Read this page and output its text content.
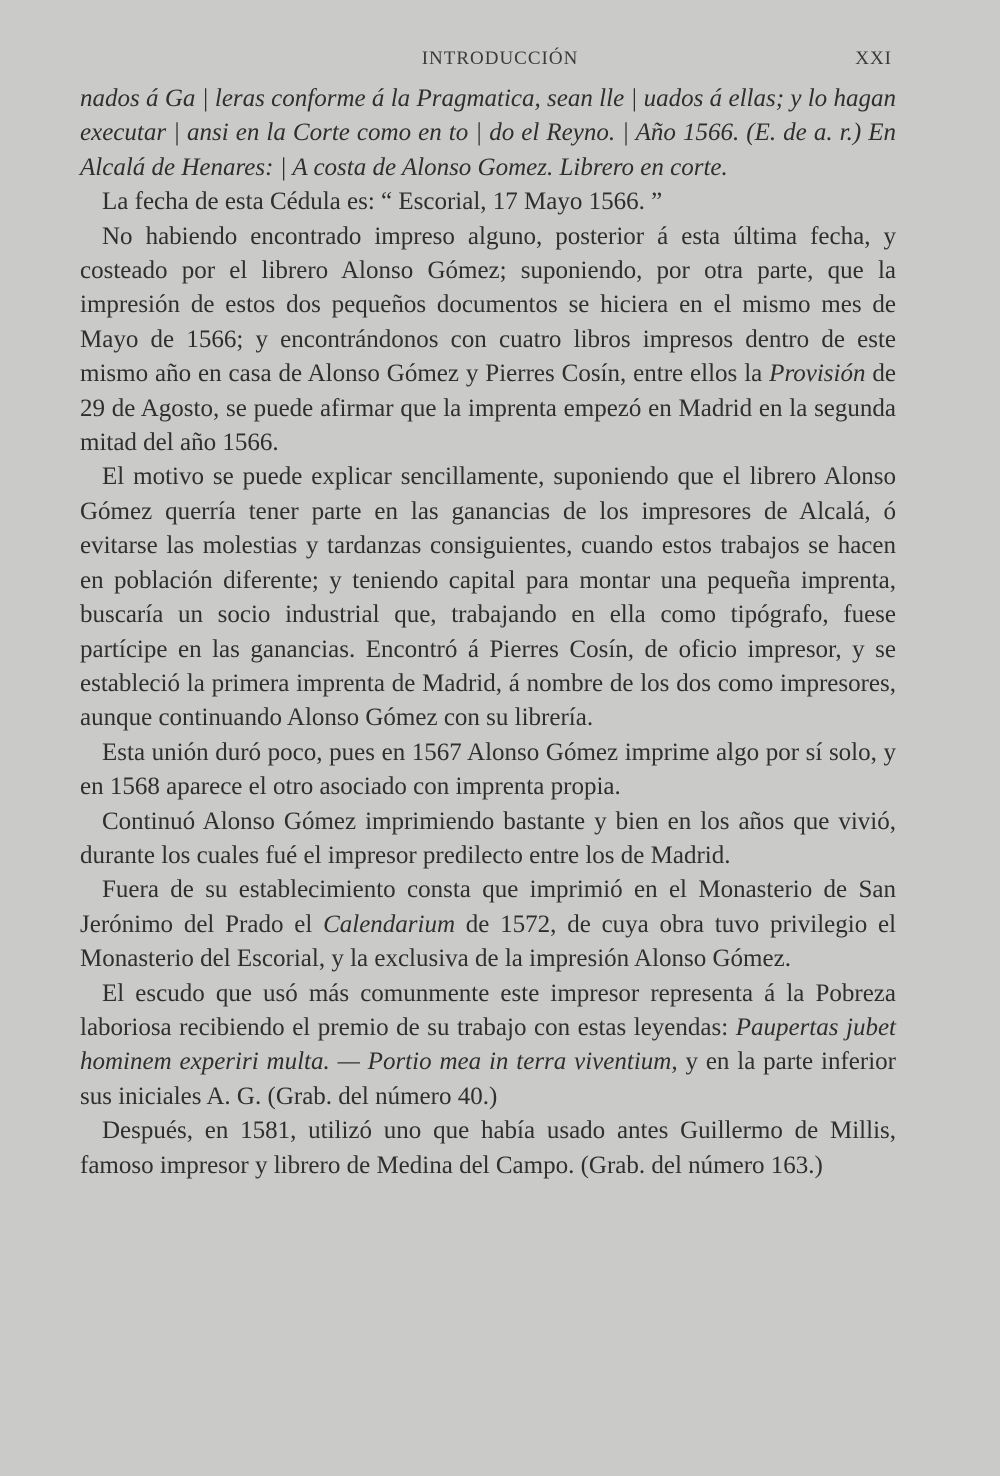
INTRODUCCIÓN	XXI

nados á Ga | leras conforme á la Pragmatica, sean lle | uados á ellas; y lo hagan executar | ansi en la Corte como en to | do el Reyno. | Año 1566. (E. de a. r.) En Alcalá de Henares: | A costa de Alonso Gomez. Librero en corte.

La fecha de esta Cédula es: “ Escorial, 17 Mayo 1566. ”

No habiendo encontrado impreso alguno, posterior á esta última fecha, y costeado por el librero Alonso Gómez; suponiendo, por otra parte, que la impresión de estos dos pequeños documentos se hiciera en el mismo mes de Mayo de 1566; y encontrándonos con cuatro libros impresos dentro de este mismo año en casa de Alonso Gómez y Pierres Cosín, entre ellos la Provisión de 29 de Agosto, se puede afirmar que la imprenta empezó en Madrid en la segunda mitad del año 1566.

El motivo se puede explicar sencillamente, suponiendo que el librero Alonso Gómez querría tener parte en las ganancias de los impresores de Alcalá, ó evitarse las molestias y tardanzas consiguientes, cuando estos trabajos se hacen en población diferente; y teniendo capital para montar una pequeña imprenta, buscaría un socio industrial que, trabajando en ella como tipógrafo, fuese partícipe en las ganancias. Encontró á Pierres Cosín, de oficio impresor, y se estableció la primera imprenta de Madrid, á nombre de los dos como impresores, aunque continuando Alonso Gómez con su librería.

Esta unión duró poco, pues en 1567 Alonso Gómez imprime algo por sí solo, y en 1568 aparece el otro asociado con imprenta propia.

Continuó Alonso Gómez imprimiendo bastante y bien en los años que vivió, durante los cuales fué el impresor predilecto entre los de Madrid.

Fuera de su establecimiento consta que imprimió en el Monasterio de San Jerónimo del Prado el Calendarium de 1572, de cuya obra tuvo privilegio el Monasterio del Escorial, y la exclusiva de la impresión Alonso Gómez.

El escudo que usó más comunmente este impresor representa á la Pobreza laboriosa recibiendo el premio de su trabajo con estas leyendas: Paupertas jubet hominem experiri multa. — Portio mea in terra viventium, y en la parte inferior sus iniciales A. G. (Grab. del número 40.)

Después, en 1581, utilizó uno que había usado antes Guillermo de Millis, famoso impresor y librero de Medina del Campo. (Grab. del número 163.)
